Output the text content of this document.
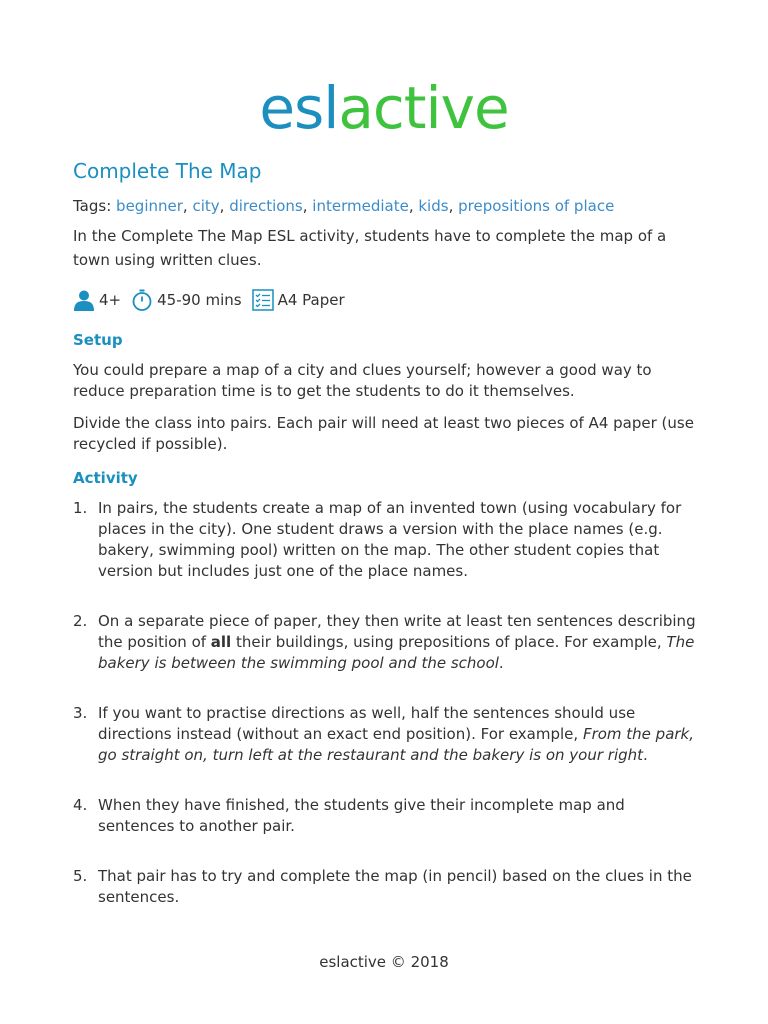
eslactive
Complete The Map
Tags: beginner, city, directions, intermediate, kids, prepositions of place

In the Complete The Map ESL activity, students have to complete the map of a town using written clues.

4+ 45-90 mins A4 Paper
Setup

You could prepare a map of a city and clues yourself; however a good way to reduce preparation time is to get the students to do it themselves.

Divide the class into pairs. Each pair will need at least two pieces of A4 paper (use recycled if possible).

Activity
1. In pairs, the students create a map of an invented town (using vocabulary for places in the city). One student draws a version with the place names (e.g. bakery, swimming pool) written on the map. The other student copies that version but includes just one of the place names.
2. On a separate piece of paper, they then write at least ten sentences describing the position of all their buildings, using prepositions of place. For example, The bakery is between the swimming pool and the school.
3. If you want to practise directions as well, half the sentences should use directions instead (without an exact end position). For example, From the park, go straight on, turn left at the restaurant and the bakery is on your right.
4. When they have finished, the students give their incomplete map and sentences to another pair.
5. That pair has to try and complete the map (in pencil) based on the clues in the sentences.
eslactive © 2018
